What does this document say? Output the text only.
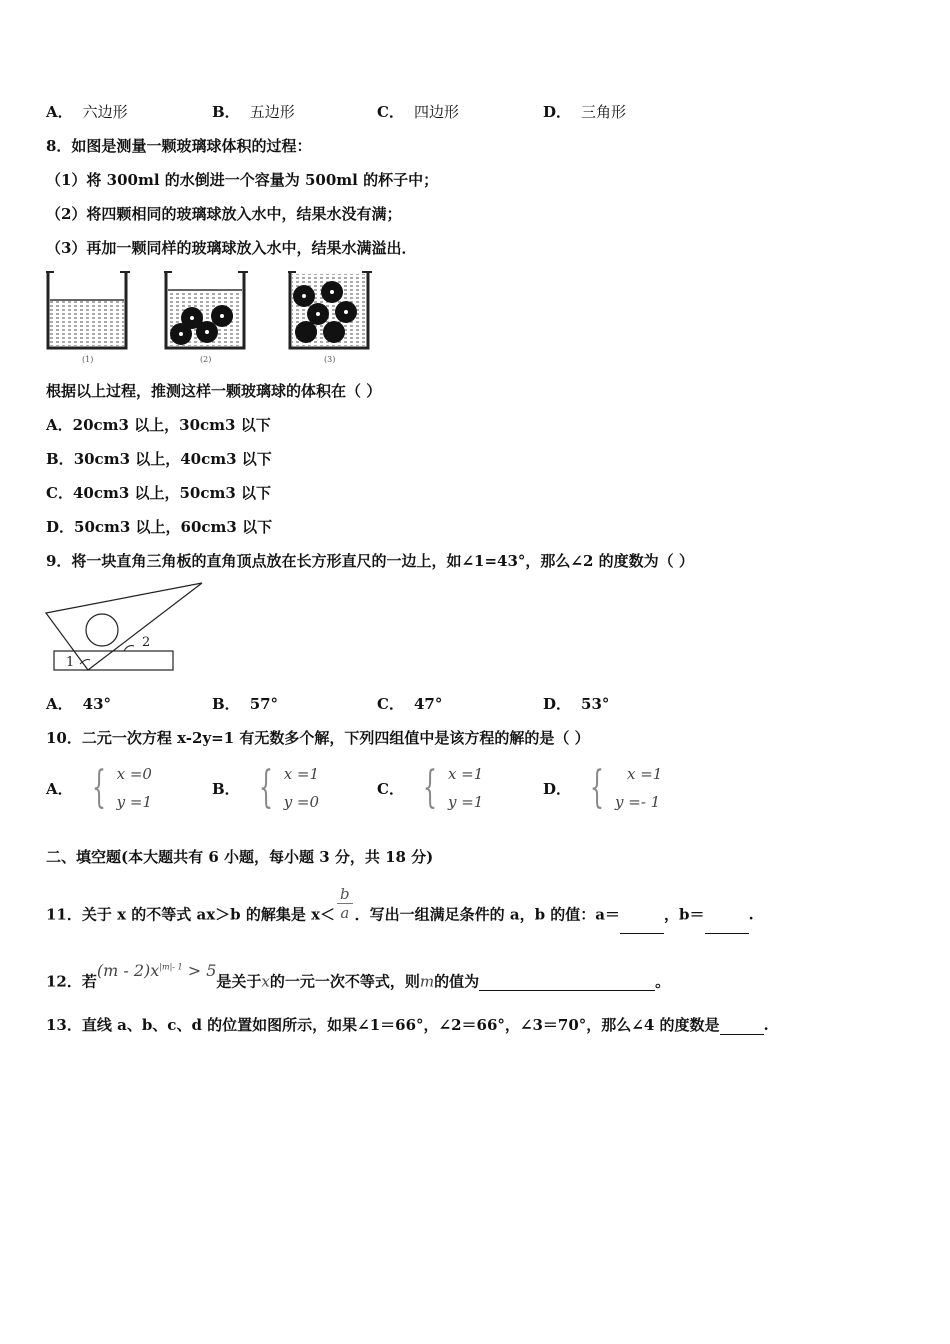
A． 六边形	B． 五边形	C． 四边形	D． 三角形
8．如图是测量一颗玻璃球体积的过程：
（1）将 300ml 的水倒进一个容量为 500ml 的杯子中；
（2）将四颗相同的玻璃球放入水中，结果水没有满；
（3）再加一颗同样的玻璃球放入水中，结果水满溢出．
(1)	(2)	(3)
根据以上过程，推测这样一颗玻璃球的体积在（ ）
A．20cm3 以上，30cm3 以下
B．30cm3 以上，40cm3 以下
C．40cm3 以上，50cm3 以下
D．50cm3 以上，60cm3 以下
9．将一块直角三角板的直角顶点放在长方形直尺的一边上，如∠1=43°，那么∠2 的度数为（ ）
1
2
A． 43°	B． 57°	C． 47°	D． 53°
10．二元一次方程 x-2y=1 有无数多个解，下列四组值中是该方程的解的是（ ）
A． { x =0
y =1
B． { x =1
y =0
C． { x =1
y =1
D． {	x =1
y =- 1
二、填空题(本大题共有 6 小题，每小题 3 分，共 18 分)
11．关于 x 的不等式 ax＞b 的解集是 $x< \frac{b}{a}$ ．写出一组满足条件的 a，b 的值：a＝	，b＝	.
12．若$(m - 2)x^{|m|- 1} > 5$是关于x的一元一次不等式，则m的值为	。
13．直线 a、b、c、d 的位置如图所示，如果∠1＝66°，∠2＝66°，∠3＝70°，那么∠4 的度数是	.
